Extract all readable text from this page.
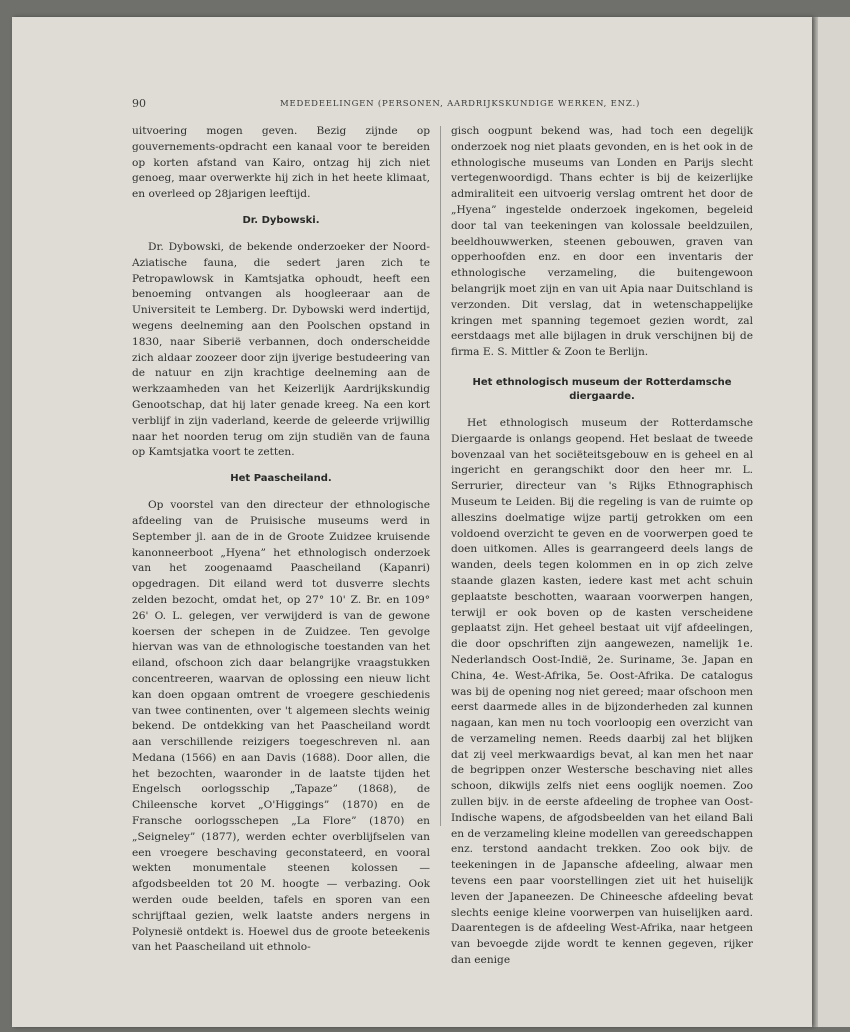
90	MEDEDEELINGEN (PERSONEN, AARDRIJKSKUNDIGE WERKEN, ENZ.)

uitvoering mogen geven. Bezig zijnde op gouvernements-opdracht een kanaal voor te bereiden op korten afstand van Kairo, ontzag hij zich niet genoeg, maar overwerkte hij zich in het heete klimaat, en overleed op 28jarigen leeftijd.

Dr. Dybowski.

Dr. Dybowski, de bekende onderzoeker der Noord-Aziatische fauna, die sedert jaren zich te Petropawlowsk in Kamtsjatka ophoudt, heeft een benoeming ontvangen als hoogleeraar aan de Universiteit te Lemberg. Dr. Dybowski werd indertijd, wegens deelneming aan den Poolschen opstand in 1830, naar Siberië verbannen, doch onderscheidde zich aldaar zoozeer door zijn ijverige bestudeering van de natuur en zijn krachtige deelneming aan de werkzaamheden van het Keizerlijk Aardrijkskundig Genootschap, dat hij later genade kreeg. Na een kort verblijf in zijn vaderland, keerde de geleerde vrijwillig naar het noorden terug om zijn studiën van de fauna op Kamtsjatka voort te zetten.

Het Paascheiland.

Op voorstel van den directeur der ethnologische afdeeling van de Pruisische museums werd in September jl. aan de in de Groote Zuidzee kruisende kanonneerboot „Hyena” het ethnologisch onderzoek van het zoogenaamd Paascheiland (Kapanri) opgedragen. Dit eiland werd tot dusverre slechts zelden bezocht, omdat het, op 27° 10' Z. Br. en 109° 26' O. L. gelegen, ver verwijderd is van de gewone koersen der schepen in de Zuidzee. Ten gevolge hiervan was van de ethnologische toestanden van het eiland, ofschoon zich daar belangrijke vraagstukken concentreeren, waarvan de oplossing een nieuw licht kan doen opgaan omtrent de vroegere geschiedenis van twee continenten, over 't algemeen slechts weinig bekend. De ontdekking van het Paascheiland wordt aan verschillende reizigers toegeschreven nl. aan Medana (1566) en aan Davis (1688). Door allen, die het bezochten, waaronder in de laatste tijden het Engelsch oorlogsschip „Tapaze” (1868), de Chileensche korvet „O'Higgings” (1870) en de Fransche oorlogsschepen „La Flore” (1870) en „Seigneley” (1877), werden echter overblijfselen van een vroegere beschaving geconstateerd, en vooral wekten monumentale steenen kolossen — afgodsbeelden tot 20 M. hoogte — verbazing. Ook werden oude beelden, tafels en sporen van een schrijftaal gezien, welk laatste anders nergens in Polynesië ontdekt is. Hoewel dus de groote beteekenis van het Paascheiland uit ethnolo-

gisch oogpunt bekend was, had toch een degelijk onderzoek nog niet plaats gevonden, en is het ook in de ethnologische museums van Londen en Parijs slecht vertegenwoordigd. Thans echter is bij de keizerlijke admiraliteit een uitvoerig verslag omtrent het door de „Hyena” ingestelde onderzoek ingekomen, begeleid door tal van teekeningen van kolossale beeldzuilen, beeldhouwwerken, steenen gebouwen, graven van opperhoofden enz. en door een inventaris der ethnologische verzameling, die buitengewoon belangrijk moet zijn en van uit Apia naar Duitschland is verzonden. Dit verslag, dat in wetenschappelijke kringen met spanning tegemoet gezien wordt, zal eerstdaags met alle bijlagen in druk verschijnen bij de firma E. S. Mittler & Zoon te Berlijn.

Het ethnologisch museum der Rotterdamsche diergaarde.

Het ethnologisch museum der Rotterdamsche Diergaarde is onlangs geopend. Het beslaat de tweede bovenzaal van het sociëteitsgebouw en is geheel en al ingericht en gerangschikt door den heer mr. L. Serrurier, directeur van 's Rijks Ethnographisch Museum te Leiden. Bij die regeling is van de ruimte op alleszins doelmatige wijze partij getrokken om een voldoend overzicht te geven en de voorwerpen goed te doen uitkomen. Alles is gearrangeerd deels langs de wanden, deels tegen kolommen en in op zich zelve staande glazen kasten, iedere kast met acht schuin geplaatste beschotten, waaraan voorwerpen hangen, terwijl er ook boven op de kasten verscheidene geplaatst zijn. Het geheel bestaat uit vijf afdeelingen, die door opschriften zijn aangewezen, namelijk 1e. Nederlandsch Oost-Indië, 2e. Suriname, 3e. Japan en China, 4e. West-Afrika, 5e. Oost-Afrika. De catalogus was bij de opening nog niet gereed; maar ofschoon men eerst daarmede alles in de bijzonderheden zal kunnen nagaan, kan men nu toch voorloopig een overzicht van de verzameling nemen. Reeds daarbij zal het blijken dat zij veel merkwaardigs bevat, al kan men het naar de begrippen onzer Westersche beschaving niet alles schoon, dikwijls zelfs niet eens ooglijk noemen. Zoo zullen bijv. in de eerste afdeeling de trophee van Oost-Indische wapens, de afgodsbeelden van het eiland Bali en de verzameling kleine modellen van gereedschappen enz. terstond aandacht trekken. Zoo ook bijv. de teekeningen in de Japansche afdeeling, alwaar men tevens een paar voorstellingen ziet uit het huiselijk leven der Japaneezen. De Chineesche afdeeling bevat slechts eenige kleine voorwerpen van huiselijken aard. Daarentegen is de afdeeling West-Afrika, naar hetgeen van bevoegde zijde wordt te kennen gegeven, rijker dan eenige
